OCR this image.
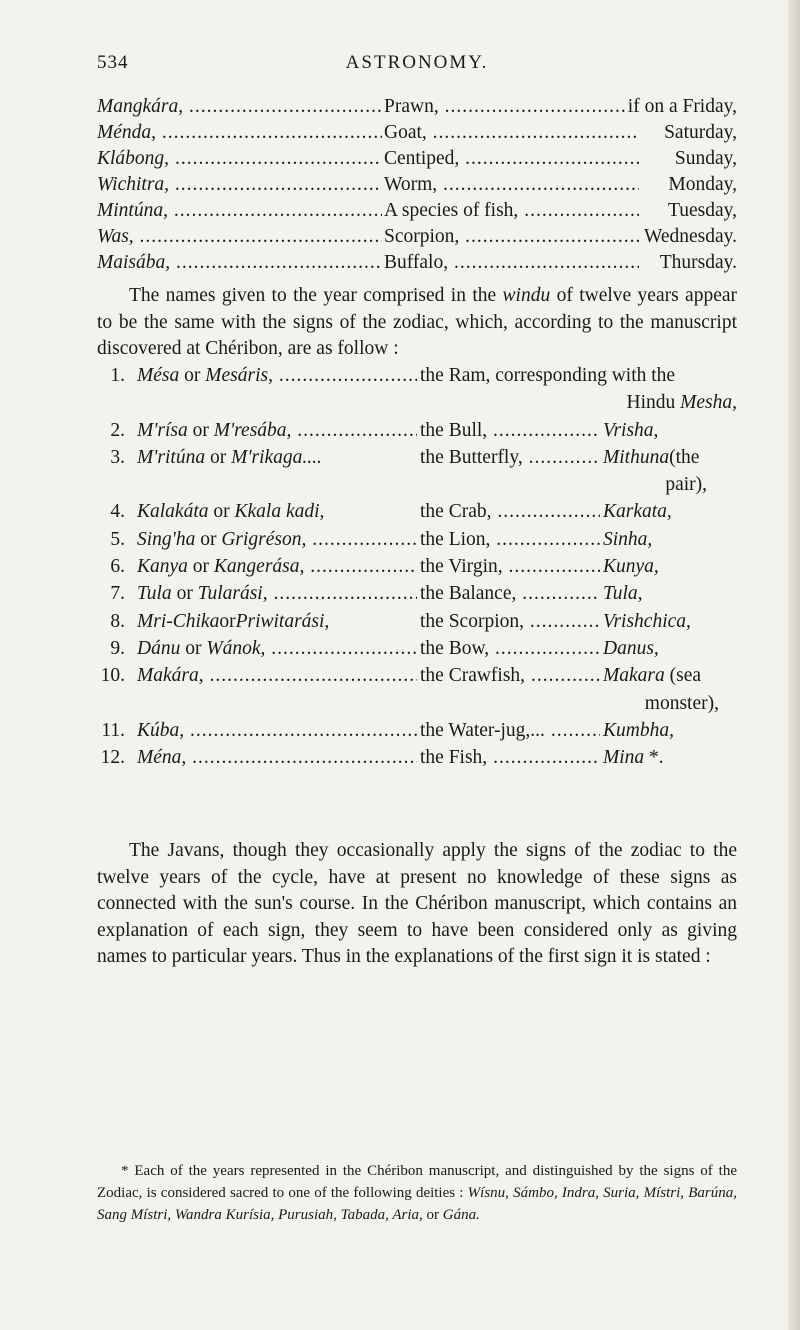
534	ASTRONOMY.
Mangkára, .....	Prawn, .....	if on a Friday,
Ménda, .....	Goat, .....	Saturday,
Klábong, .....	Centiped, .....	Sunday,
Wichitra, .....	Worm, .....	Monday,
Mintúna, .....	A species of fish, .....	Tuesday,
Was, .....	Scorpion, .....	Wednesday.
Maisába, .....	Buffalo, .....	Thursday.
The names given to the year comprised in the windu of twelve years appear to be the same with the signs of the zodiac, which, according to the manuscript discovered at Chéribon, are as follow :
1. Mésa or Mesáris, .....	the Ram, corresponding with the
Hindu Mesha,
2. M'rísa or M'resába, .....	the Bull, .....	Vrisha,
3. M'ritúna or M'rikaga....	the Butterfly, .....	Mithuna(the
pair),
4. Kalakáta or Kkala kadi,	the Crab, .....	Karkata,
5. Sing'ha or Grigréson, .....	the Lion, .....	Sinha,
6. Kanya or Kangerása, .....	the Virgin, .....	Kunya,
7. Tula or Tularási, .....	the Balance, .....	Tula,
8. Mri-ChikaorPriwitarási,	the Scorpion, .....	Vrishchica,
9. Dánu or Wánok, .....	the Bow, .....	Danus,
10. Makára, .....	the Crawfish, .....	Makara (sea
monster),
11. Kúba, .....	the Water-jug,... .....	Kumbha,
12. Ména, .....	the Fish, .....	Mina *.
The Javans, though they occasionally apply the signs of the zodiac to the twelve years of the cycle, have at present no knowledge of these signs as connected with the sun's course. In the Chéribon manuscript, which contains an explanation of each sign, they seem to have been considered only as giving names to particular years. Thus in the explanations of the first sign it is stated :
* Each of the years represented in the Chéribon manuscript, and distinguished by the signs of the Zodiac, is considered sacred to one of the following deities : Wísnu, Sámbo, Indra, Suria, Místri, Barúna, Sang Místri, Wandra Kurísia, Purusiah, Tabada, Aria, or Gána.
